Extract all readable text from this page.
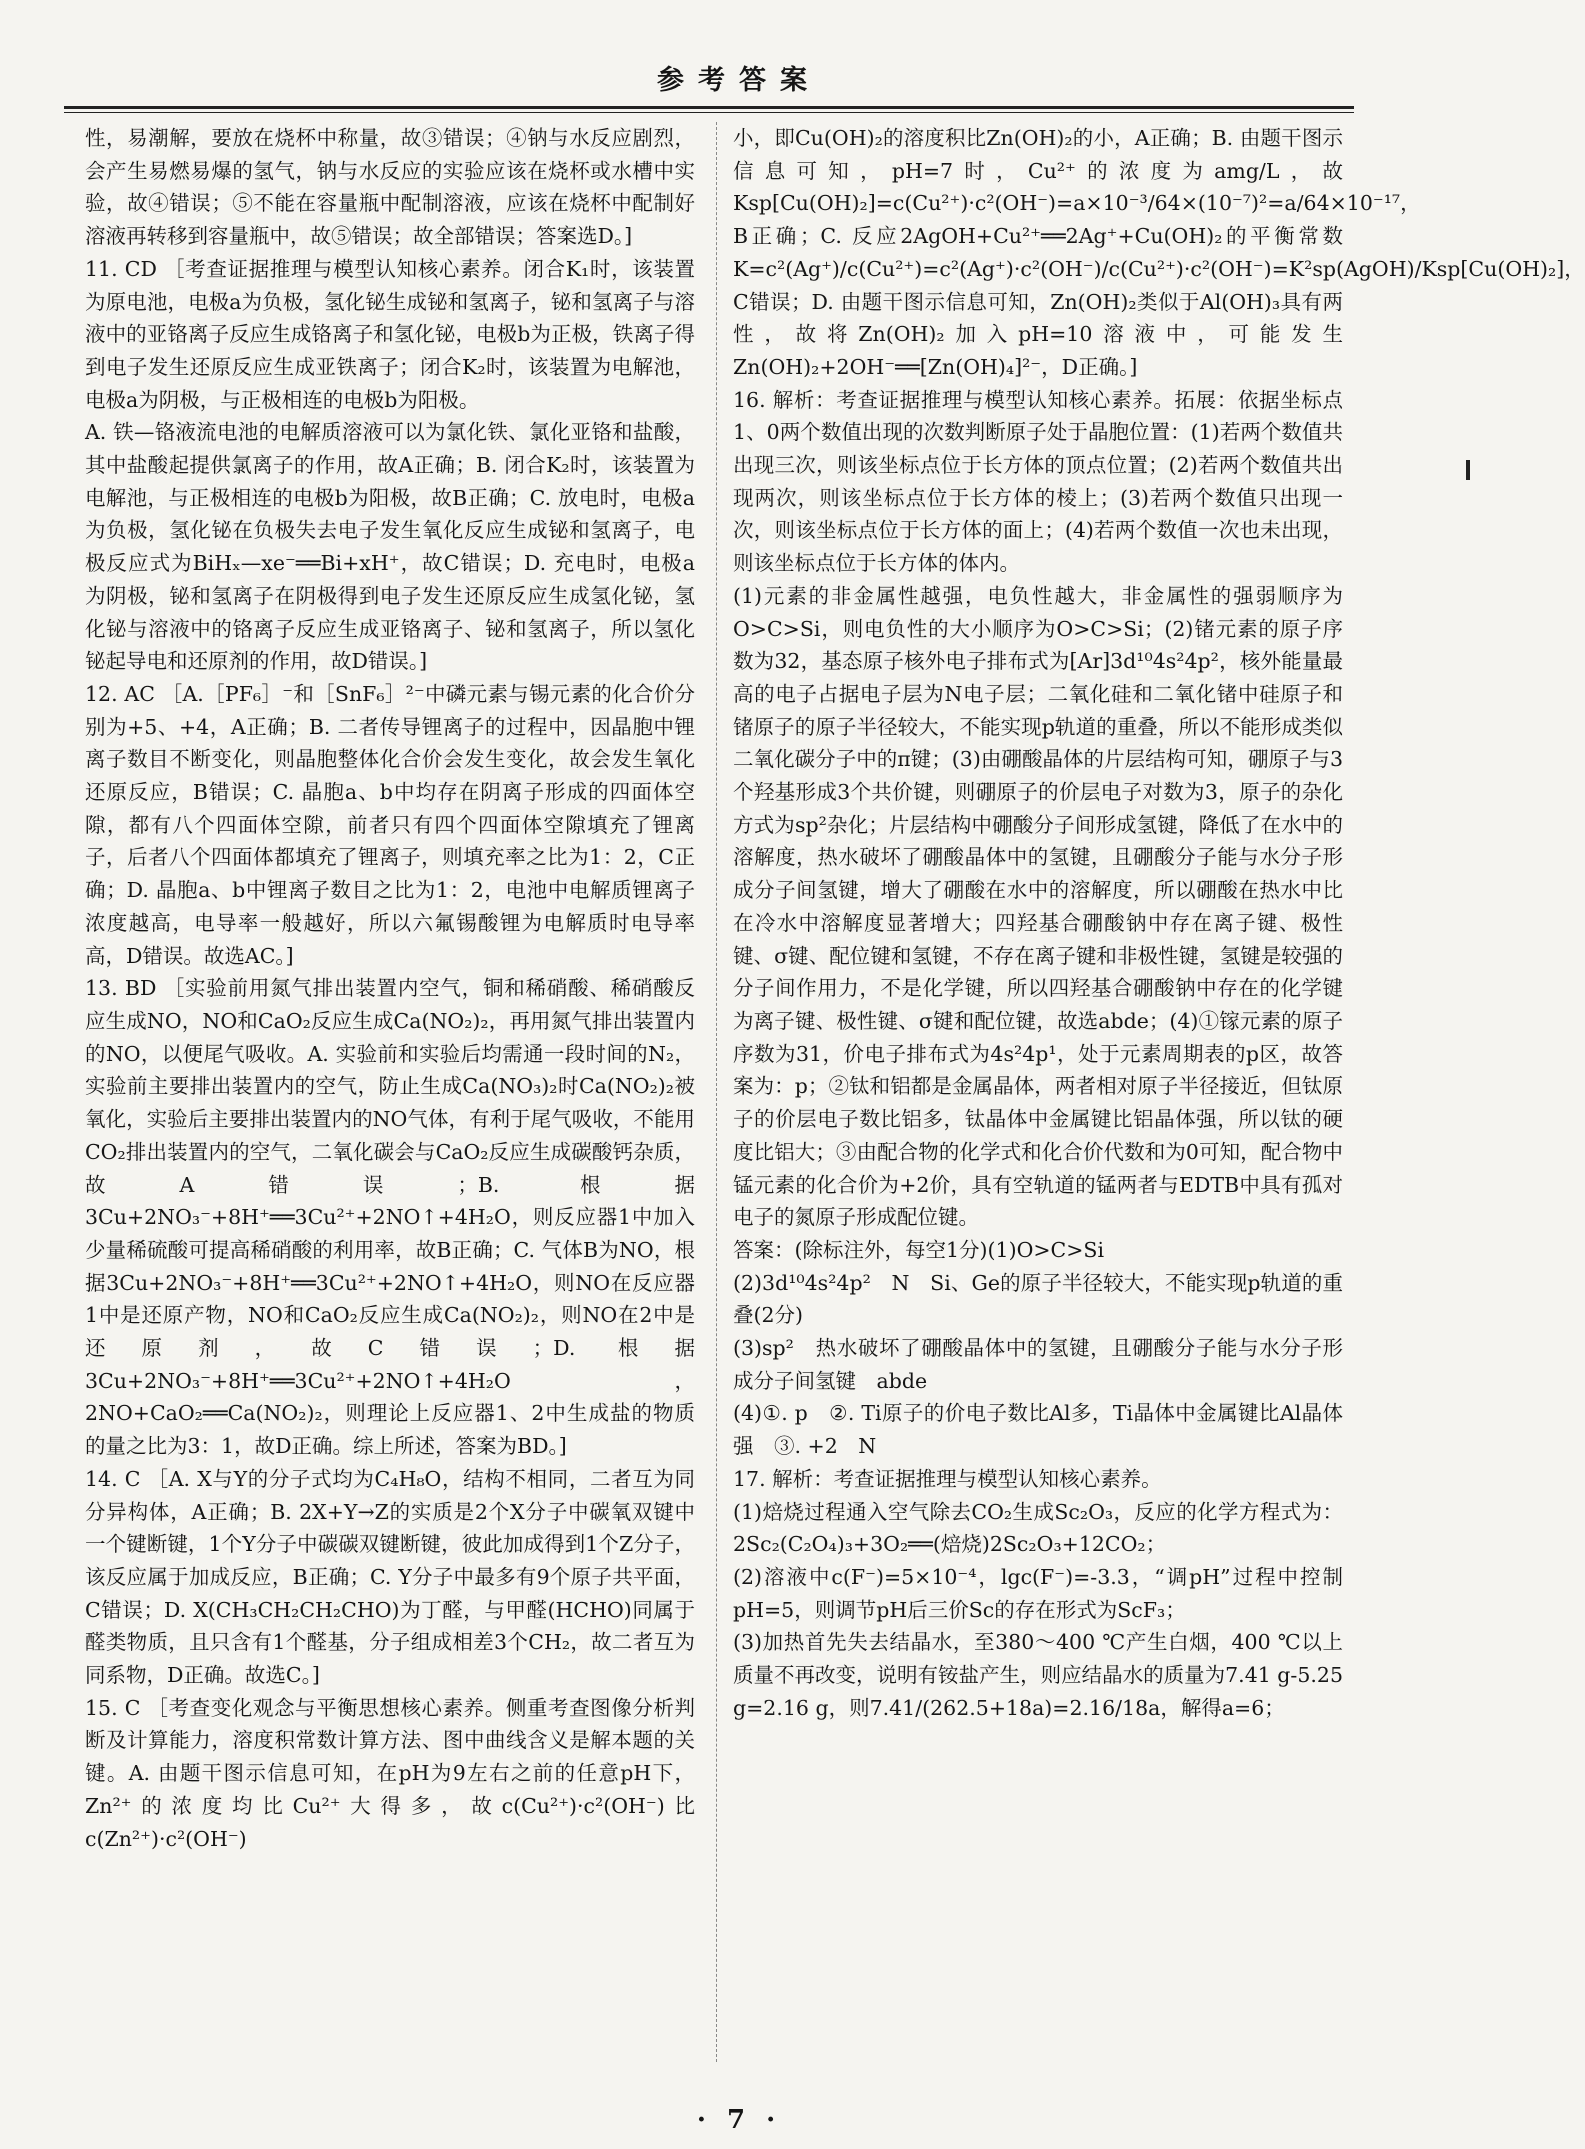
参考答案
性，易潮解，要放在烧杯中称量，故③错误；④钠与水反应剧烈，会产生易燃易爆的氢气，钠与水反应的实验应该在烧杯或水槽中实验，故④错误；⑤不能在容量瓶中配制溶液，应该在烧杯中配制好溶液再转移到容量瓶中，故⑤错误；故全部错误；答案选D。]
11. CD ［考查证据推理与模型认知核心素养。闭合K₁时，该装置为原电池，电极a为负极，氢化铋生成铋和氢离子，铋和氢离子与溶液中的亚铬离子反应生成铬离子和氢化铋，电极b为正极，铁离子得到电子发生还原反应生成亚铁离子；闭合K₂时，该装置为电解池，电极a为阴极，与正极相连的电极b为阳极。
A. 铁—铬液流电池的电解质溶液可以为氯化铁、氯化亚铬和盐酸，其中盐酸起提供氯离子的作用，故A正确；B. 闭合K₂时，该装置为电解池，与正极相连的电极b为阳极，故B正确；C. 放电时，电极a为负极，氢化铋在负极失去电子发生氧化反应生成铋和氢离子，电极反应式为BiHₓ—xe⁻══Bi+xH⁺，故C错误；D. 充电时，电极a为阴极，铋和氢离子在阴极得到电子发生还原反应生成氢化铋，氢化铋与溶液中的铬离子反应生成亚铬离子、铋和氢离子，所以氢化铋起导电和还原剂的作用，故D错误。]
12. AC ［A.［PF₆］⁻和［SnF₆］²⁻中磷元素与锡元素的化合价分别为+5、+4，A正确；B. 二者传导锂离子的过程中，因晶胞中锂离子数目不断变化，则晶胞整体化合价会发生变化，故会发生氧化还原反应，B错误；C. 晶胞a、b中均存在阴离子形成的四面体空隙，都有八个四面体空隙，前者只有四个四面体空隙填充了锂离子，后者八个四面体都填充了锂离子，则填充率之比为1：2，C正确；D. 晶胞a、b中锂离子数目之比为1：2，电池中电解质锂离子浓度越高，电导率一般越好，所以六氟锡酸锂为电解质时电导率高，D错误。故选AC。]
13. BD ［实验前用氮气排出装置内空气，铜和稀硝酸、稀硝酸反应生成NO，NO和CaO₂反应生成Ca(NO₂)₂，再用氮气排出装置内的NO，以便尾气吸收。A. 实验前和实验后均需通一段时间的N₂，实验前主要排出装置内的空气，防止生成Ca(NO₃)₂时Ca(NO₂)₂被氧化，实验后主要排出装置内的NO气体，有利于尾气吸收，不能用CO₂排出装置内的空气，二氧化碳会与CaO₂反应生成碳酸钙杂质，故A错误；B. 根据3Cu+2NO₃⁻+8H⁺══3Cu²⁺+2NO↑+4H₂O，则反应器1中加入少量稀硫酸可提高稀硝酸的利用率，故B正确；C. 气体B为NO，根据3Cu+2NO₃⁻+8H⁺══3Cu²⁺+2NO↑+4H₂O，则NO在反应器1中是还原产物，NO和CaO₂反应生成Ca(NO₂)₂，则NO在2中是还原剂，故C错误；D. 根据3Cu+2NO₃⁻+8H⁺══3Cu²⁺+2NO↑+4H₂O，2NO+CaO₂══Ca(NO₂)₂，则理论上反应器1、2中生成盐的物质的量之比为3：1，故D正确。综上所述，答案为BD。]
14. C ［A. X与Y的分子式均为C₄H₈O，结构不相同，二者互为同分异构体，A正确；B. 2X+Y→Z的实质是2个X分子中碳氧双键中一个键断键，1个Y分子中碳碳双键断键，彼此加成得到1个Z分子，该反应属于加成反应，B正确；C. Y分子中最多有9个原子共平面，C错误；D. X(CH₃CH₂CH₂CHO)为丁醛，与甲醛(HCHO)同属于醛类物质，且只含有1个醛基，分子组成相差3个CH₂，故二者互为同系物，D正确。故选C。]
15. C ［考查变化观念与平衡思想核心素养。侧重考查图像分析判断及计算能力，溶度积常数计算方法、图中曲线含义是解本题的关键。A. 由题干图示信息可知，在pH为9左右之前的任意pH下，Zn²⁺的浓度均比Cu²⁺大得多，故c(Cu²⁺)·c²(OH⁻)比c(Zn²⁺)·c²(OH⁻)
小，即Cu(OH)₂的溶度积比Zn(OH)₂的小，A正确；B. 由题干图示信息可知，pH=7时，Cu²⁺的浓度为amg/L，故Ksp[Cu(OH)₂]=c(Cu²⁺)·c²(OH⁻)=a×10⁻³/64×(10⁻⁷)²=a/64×10⁻¹⁷，B正确；C. 反应2AgOH+Cu²⁺══2Ag⁺+Cu(OH)₂的平衡常数K=c²(Ag⁺)/c(Cu²⁺)=c²(Ag⁺)·c²(OH⁻)/c(Cu²⁺)·c²(OH⁻)=K²sp(AgOH)/Ksp[Cu(OH)₂]，C错误；D. 由题干图示信息可知，Zn(OH)₂类似于Al(OH)₃具有两性，故将Zn(OH)₂加入pH=10溶液中，可能发生Zn(OH)₂+2OH⁻══[Zn(OH)₄]²⁻，D正确。]
16. 解析：考查证据推理与模型认知核心素养。拓展：依据坐标点1、0两个数值出现的次数判断原子处于晶胞位置：(1)若两个数值共出现三次，则该坐标点位于长方体的顶点位置；(2)若两个数值共出现两次，则该坐标点位于长方体的棱上；(3)若两个数值只出现一次，则该坐标点位于长方体的面上；(4)若两个数值一次也未出现，则该坐标点位于长方体的体内。
(1)元素的非金属性越强，电负性越大，非金属性的强弱顺序为O>C>Si，则电负性的大小顺序为O>C>Si；(2)锗元素的原子序数为32，基态原子核外电子排布式为[Ar]3d¹⁰4s²4p²，核外能量最高的电子占据电子层为N电子层；二氧化硅和二氧化锗中硅原子和锗原子的原子半径较大，不能实现p轨道的重叠，所以不能形成类似二氧化碳分子中的π键；(3)由硼酸晶体的片层结构可知，硼原子与3个羟基形成3个共价键，则硼原子的价层电子对数为3，原子的杂化方式为sp²杂化；片层结构中硼酸分子间形成氢键，降低了在水中的溶解度，热水破坏了硼酸晶体中的氢键，且硼酸分子能与水分子形成分子间氢键，增大了硼酸在水中的溶解度，所以硼酸在热水中比在冷水中溶解度显著增大；四羟基合硼酸钠中存在离子键、极性键、σ键、配位键和氢键，不存在离子键和非极性键，氢键是较强的分子间作用力，不是化学键，所以四羟基合硼酸钠中存在的化学键为离子键、极性键、σ键和配位键，故选abde；(4)①镓元素的原子序数为31，价电子排布式为4s²4p¹，处于元素周期表的p区，故答案为：p；②钛和铝都是金属晶体，两者相对原子半径接近，但钛原子的价层电子数比铝多，钛晶体中金属键比铝晶体强，所以钛的硬度比铝大；③由配合物的化学式和化合价代数和为0可知，配合物中锰元素的化合价为+2价，具有空轨道的锰两者与EDTB中具有孤对电子的氮原子形成配位键。
答案：(除标注外，每空1分)(1)O>C>Si
(2)3d¹⁰4s²4p²　N　Si、Ge的原子半径较大，不能实现p轨道的重叠(2分)
(3)sp²　热水破坏了硼酸晶体中的氢键，且硼酸分子能与水分子形成分子间氢键　abde
(4)①. p　②. Ti原子的价电子数比Al多，Ti晶体中金属键比Al晶体强　③. +2　N
17. 解析：考查证据推理与模型认知核心素养。
(1)焙烧过程通入空气除去CO₂生成Sc₂O₃，反应的化学方程式为：2Sc₂(C₂O₄)₃+3O₂══(焙烧)2Sc₂O₃+12CO₂；
(2)溶液中c(F⁻)=5×10⁻⁴，lgc(F⁻)=-3.3，“调pH”过程中控制pH=5，则调节pH后三价Sc的存在形式为ScF₃；
(3)加热首先失去结晶水，至380～400 ℃产生白烟，400 ℃以上质量不再改变，说明有铵盐产生，则应结晶水的质量为7.41 g-5.25 g=2.16 g，则7.41/(262.5+18a)=2.16/18a，解得a=6；
· 7 ·
